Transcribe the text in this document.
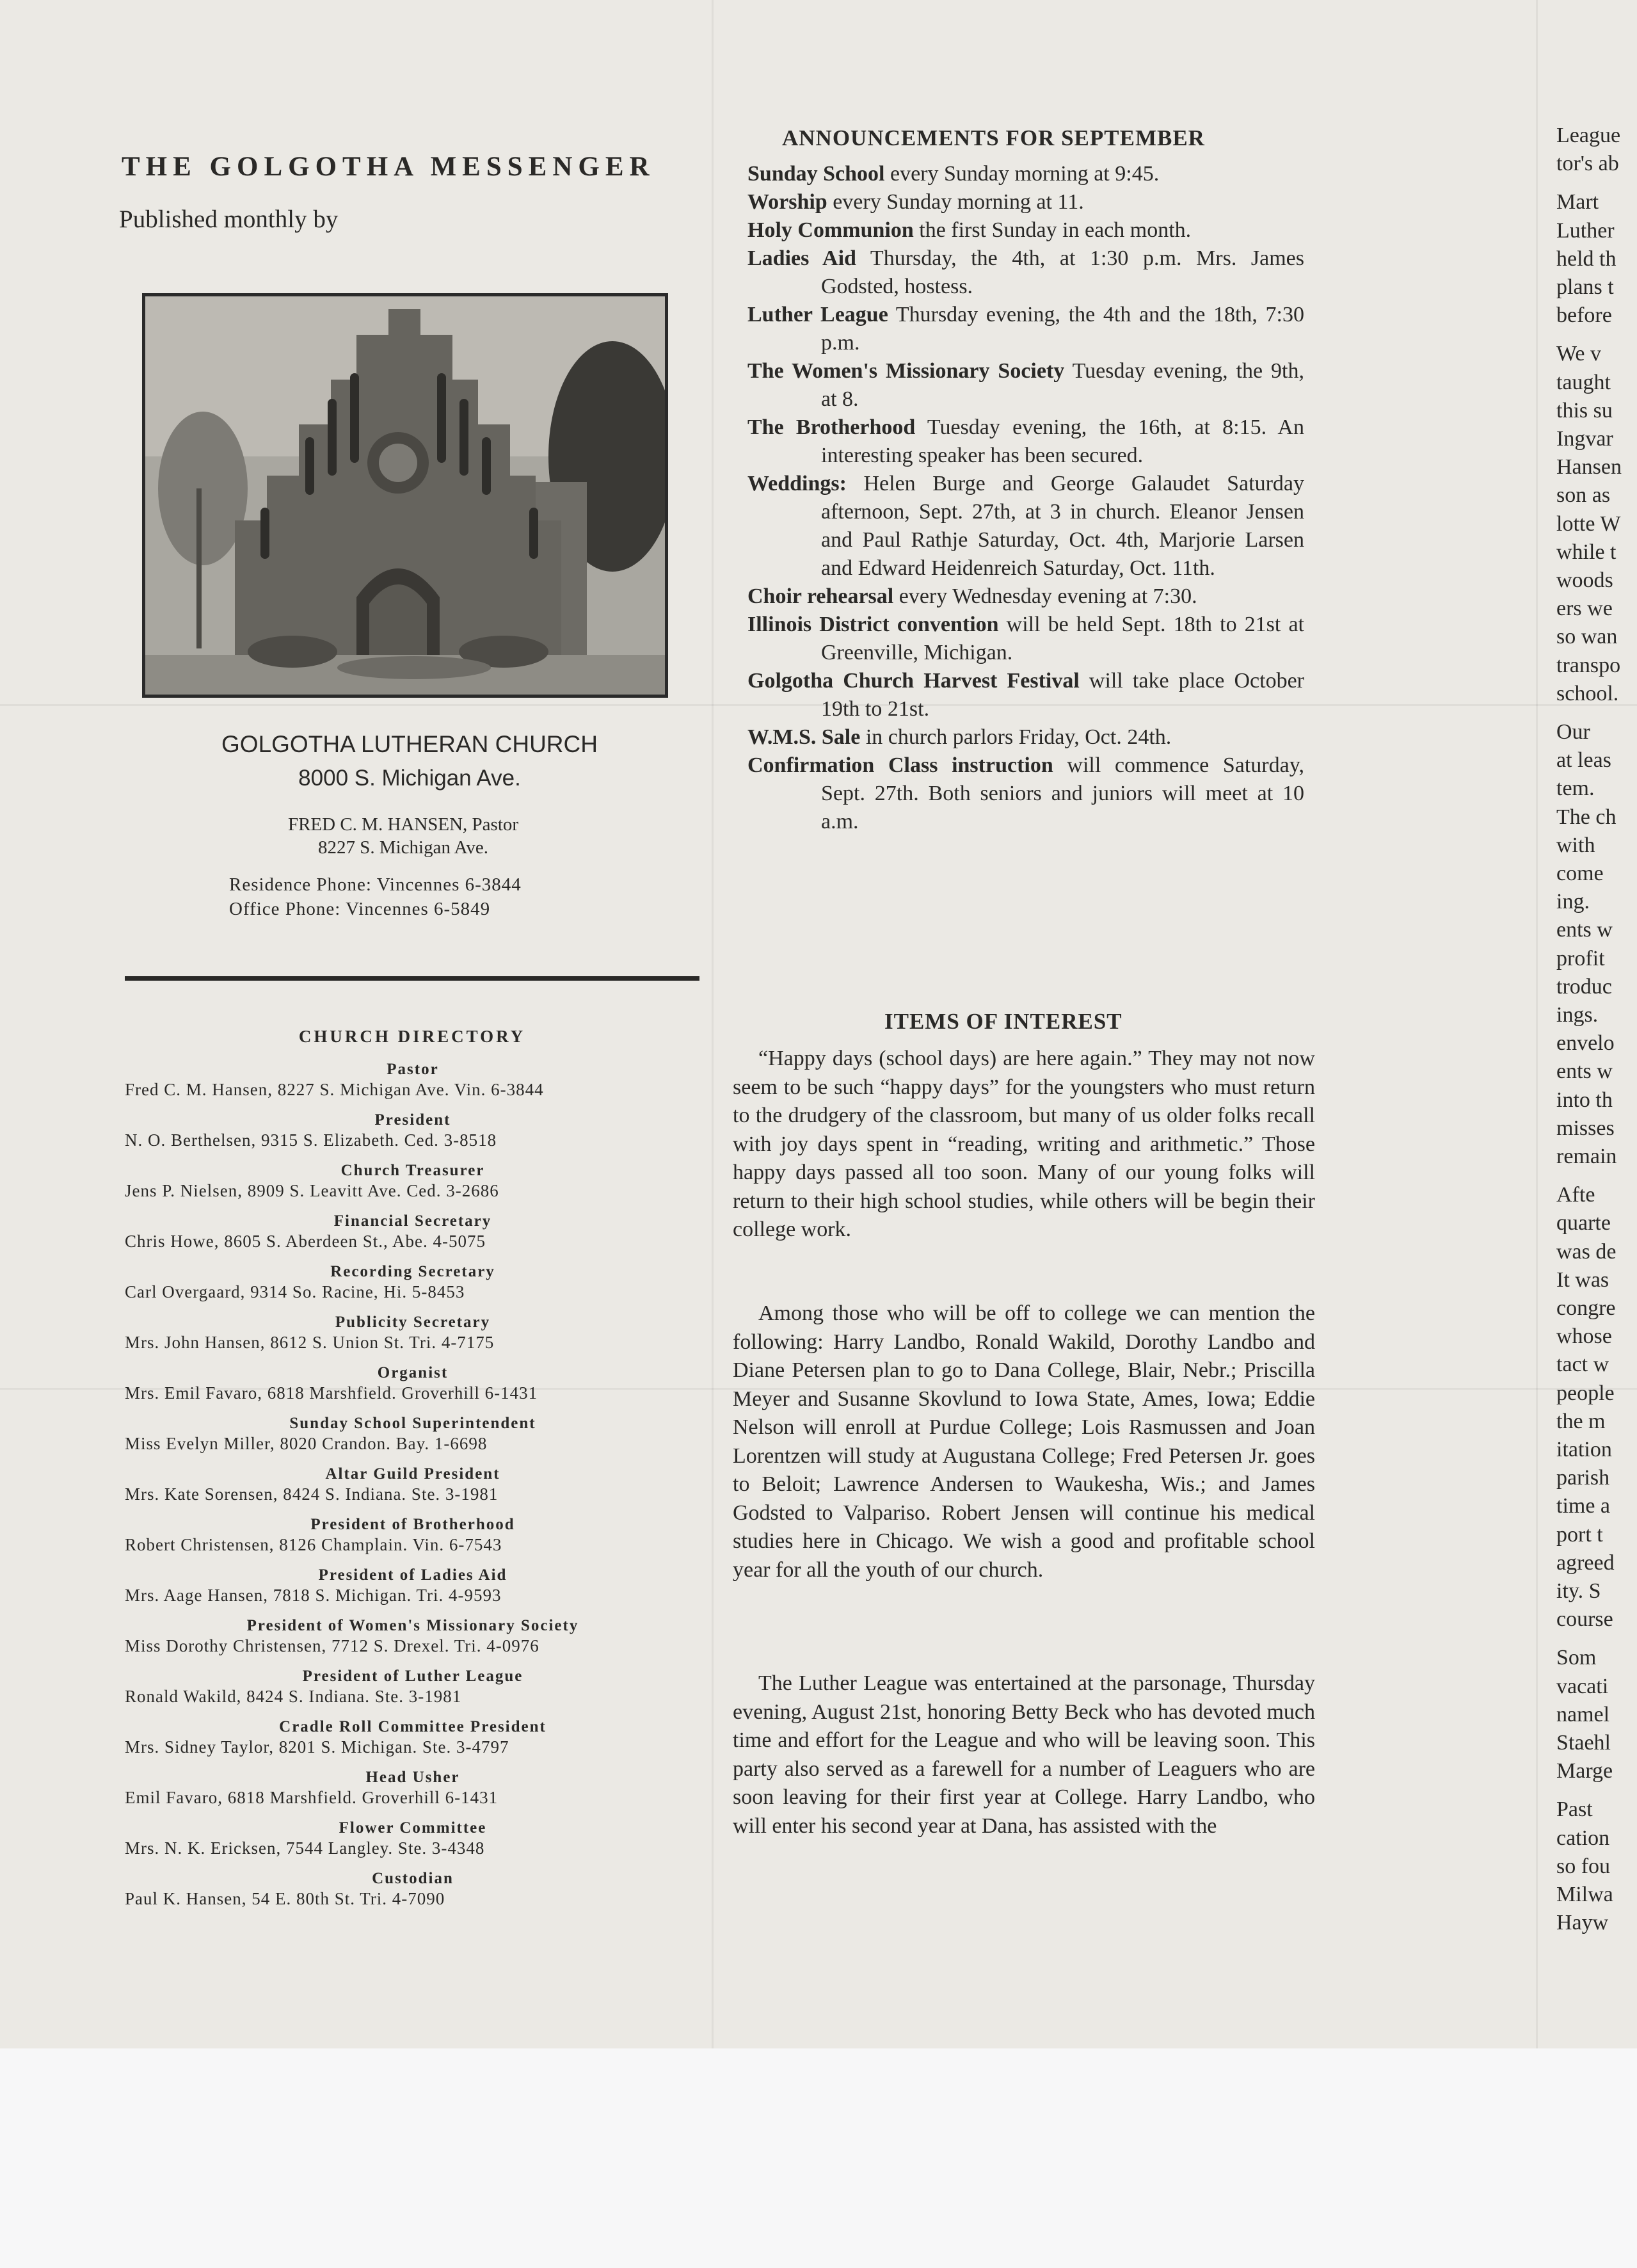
THE GOLGOTHA MESSENGER
Published monthly by
GOLGOTHA LUTHERAN CHURCH
8000 S. Michigan Ave.
FRED C. M. HANSEN, Pastor
8227 S. Michigan Ave.
Residence Phone: Vincennes 6-3844
Office Phone: Vincennes 6-5849
CHURCH DIRECTORY
Pastor
Fred C. M. Hansen, 8227 S. Michigan Ave. Vin. 6-3844
President
N. O. Berthelsen, 9315 S. Elizabeth. Ced. 3-8518
Church Treasurer
Jens P. Nielsen, 8909 S. Leavitt Ave. Ced. 3-2686
Financial Secretary
Chris Howe, 8605 S. Aberdeen St., Abe. 4-5075
Recording Secretary
Carl Overgaard, 9314 So. Racine, Hi. 5-8453
Publicity Secretary
Mrs. John Hansen, 8612 S. Union St. Tri. 4-7175
Organist
Mrs. Emil Favaro, 6818 Marshfield. Groverhill 6-1431
Sunday School Superintendent
Miss Evelyn Miller, 8020 Crandon. Bay. 1-6698
Altar Guild President
Mrs. Kate Sorensen, 8424 S. Indiana. Ste. 3-1981
President of Brotherhood
Robert Christensen, 8126 Champlain. Vin. 6-7543
President of Ladies Aid
Mrs. Aage Hansen, 7818 S. Michigan. Tri. 4-9593
President of Women's Missionary Society
Miss Dorothy Christensen, 7712 S. Drexel. Tri. 4-0976
President of Luther League
Ronald Wakild, 8424 S. Indiana. Ste. 3-1981
Cradle Roll Committee President
Mrs. Sidney Taylor, 8201 S. Michigan. Ste. 3-4797
Head Usher
Emil Favaro, 6818 Marshfield. Groverhill 6-1431
Flower Committee
Mrs. N. K. Ericksen, 7544 Langley. Ste. 3-4348
Custodian
Paul K. Hansen, 54 E. 80th St. Tri. 4-7090
ANNOUNCEMENTS FOR SEPTEMBER
Sunday School every Sunday morning at 9:45.
Worship every Sunday morning at 11.
Holy Communion the first Sunday in each month.
Ladies Aid Thursday, the 4th, at 1:30 p.m. Mrs. James Godsted, hostess.
Luther League Thursday evening, the 4th and the 18th, 7:30 p.m.
The Women's Missionary Society Tuesday evening, the 9th, at 8.
The Brotherhood Tuesday evening, the 16th, at 8:15. An interesting speaker has been secured.
Weddings: Helen Burge and George Galaudet Saturday afternoon, Sept. 27th, at 3 in church. Eleanor Jensen and Paul Rathje Saturday, Oct. 4th, Marjorie Larsen and Edward Heidenreich Saturday, Oct. 11th.
Choir rehearsal every Wednesday evening at 7:30.
Illinois District convention will be held Sept. 18th to 21st at Greenville, Michigan.
Golgotha Church Harvest Festival will take place October 19th to 21st.
W.M.S. Sale in church parlors Friday, Oct. 24th.
Confirmation Class instruction will commence Saturday, Sept. 27th. Both seniors and juniors will meet at 10 a.m.
ITEMS OF INTEREST
“Happy days (school days) are here again.” They may not now seem to be such “happy days” for the youngsters who must return to the drudgery of the classroom, but many of us older folks recall with joy days spent in “reading, writing and arithmetic.” Those happy days passed all too soon. Many of our young folks will return to their high school studies, while others will be begin their college work.
Among those who will be off to college we can mention the following: Harry Landbo, Ronald Wakild, Dorothy Landbo and Diane Petersen plan to go to Dana College, Blair, Nebr.; Priscilla Meyer and Susanne Skovlund to Iowa State, Ames, Iowa; Eddie Nelson will enroll at Purdue College; Lois Rasmussen and Joan Lorentzen will study at Augustana College; Fred Petersen Jr. goes to Beloit; Lawrence Andersen to Waukesha, Wis.; and James Godsted to Valpariso. Robert Jensen will continue his medical studies here in Chicago. We wish a good and profitable school year for all the youth of our church.
The Luther League was entertained at the parsonage, Thursday evening, August 21st, honoring Betty Beck who has devoted much time and effort for the League and who will be leaving soon. This party also served as a farewell for a number of Leaguers who are soon leaving for their first year at College. Harry Landbo, who will enter his second year at Dana, has assisted with the
League
tor's ab
Mart
Luther
held th
plans t
before
We v
taught
this su
Ingvar
Hansen
son as
lotte W
while t
woods
ers we
so wan
transpo
school.
Our
at leas
tem.
The ch
with
come
ing.
ents w
profit
troduc
ings.
envelo
ents w
into th
misses
remain
Afte
quarte
was de
It was
congre
whose
tact w
people
the m
itation
parish
time a
port t
agreed
ity. S
course
Som
vacati
namel
Staehl
Marge
Past
cation
so fou
Milwa
Hayw
